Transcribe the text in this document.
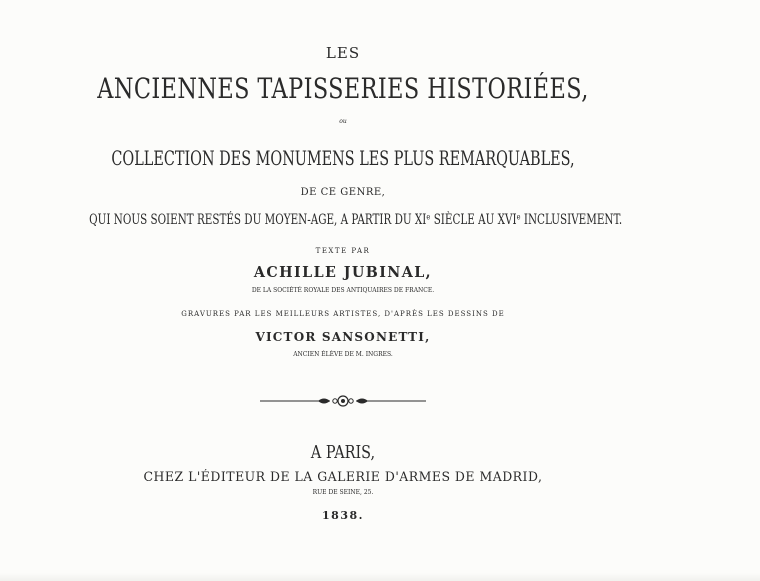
LES
ANCIENNES TAPISSERIES HISTORIÉES,
ou
COLLECTION DES MONUMENS LES PLUS REMARQUABLES,
DE CE GENRE,
QUI NOUS SOIENT RESTÉS DU MOYEN-AGE, A PARTIR DU XIᵉ SIÈCLE AU XVIᵉ INCLUSIVEMENT.
TEXTE PAR
ACHILLE JUBINAL,
DE LA SOCIÉTÉ ROYALE DES ANTIQUAIRES DE FRANCE.
GRAVURES PAR LES MEILLEURS ARTISTES, D'APRÈS LES DESSINS DE
VICTOR SANSONETTI,
ANCIEN ÉLÈVE DE M. INGRES.
A PARIS,
CHEZ L'ÉDITEUR DE LA GALERIE D'ARMES DE MADRID,
RUE DE SEINE, 25.
1838.
